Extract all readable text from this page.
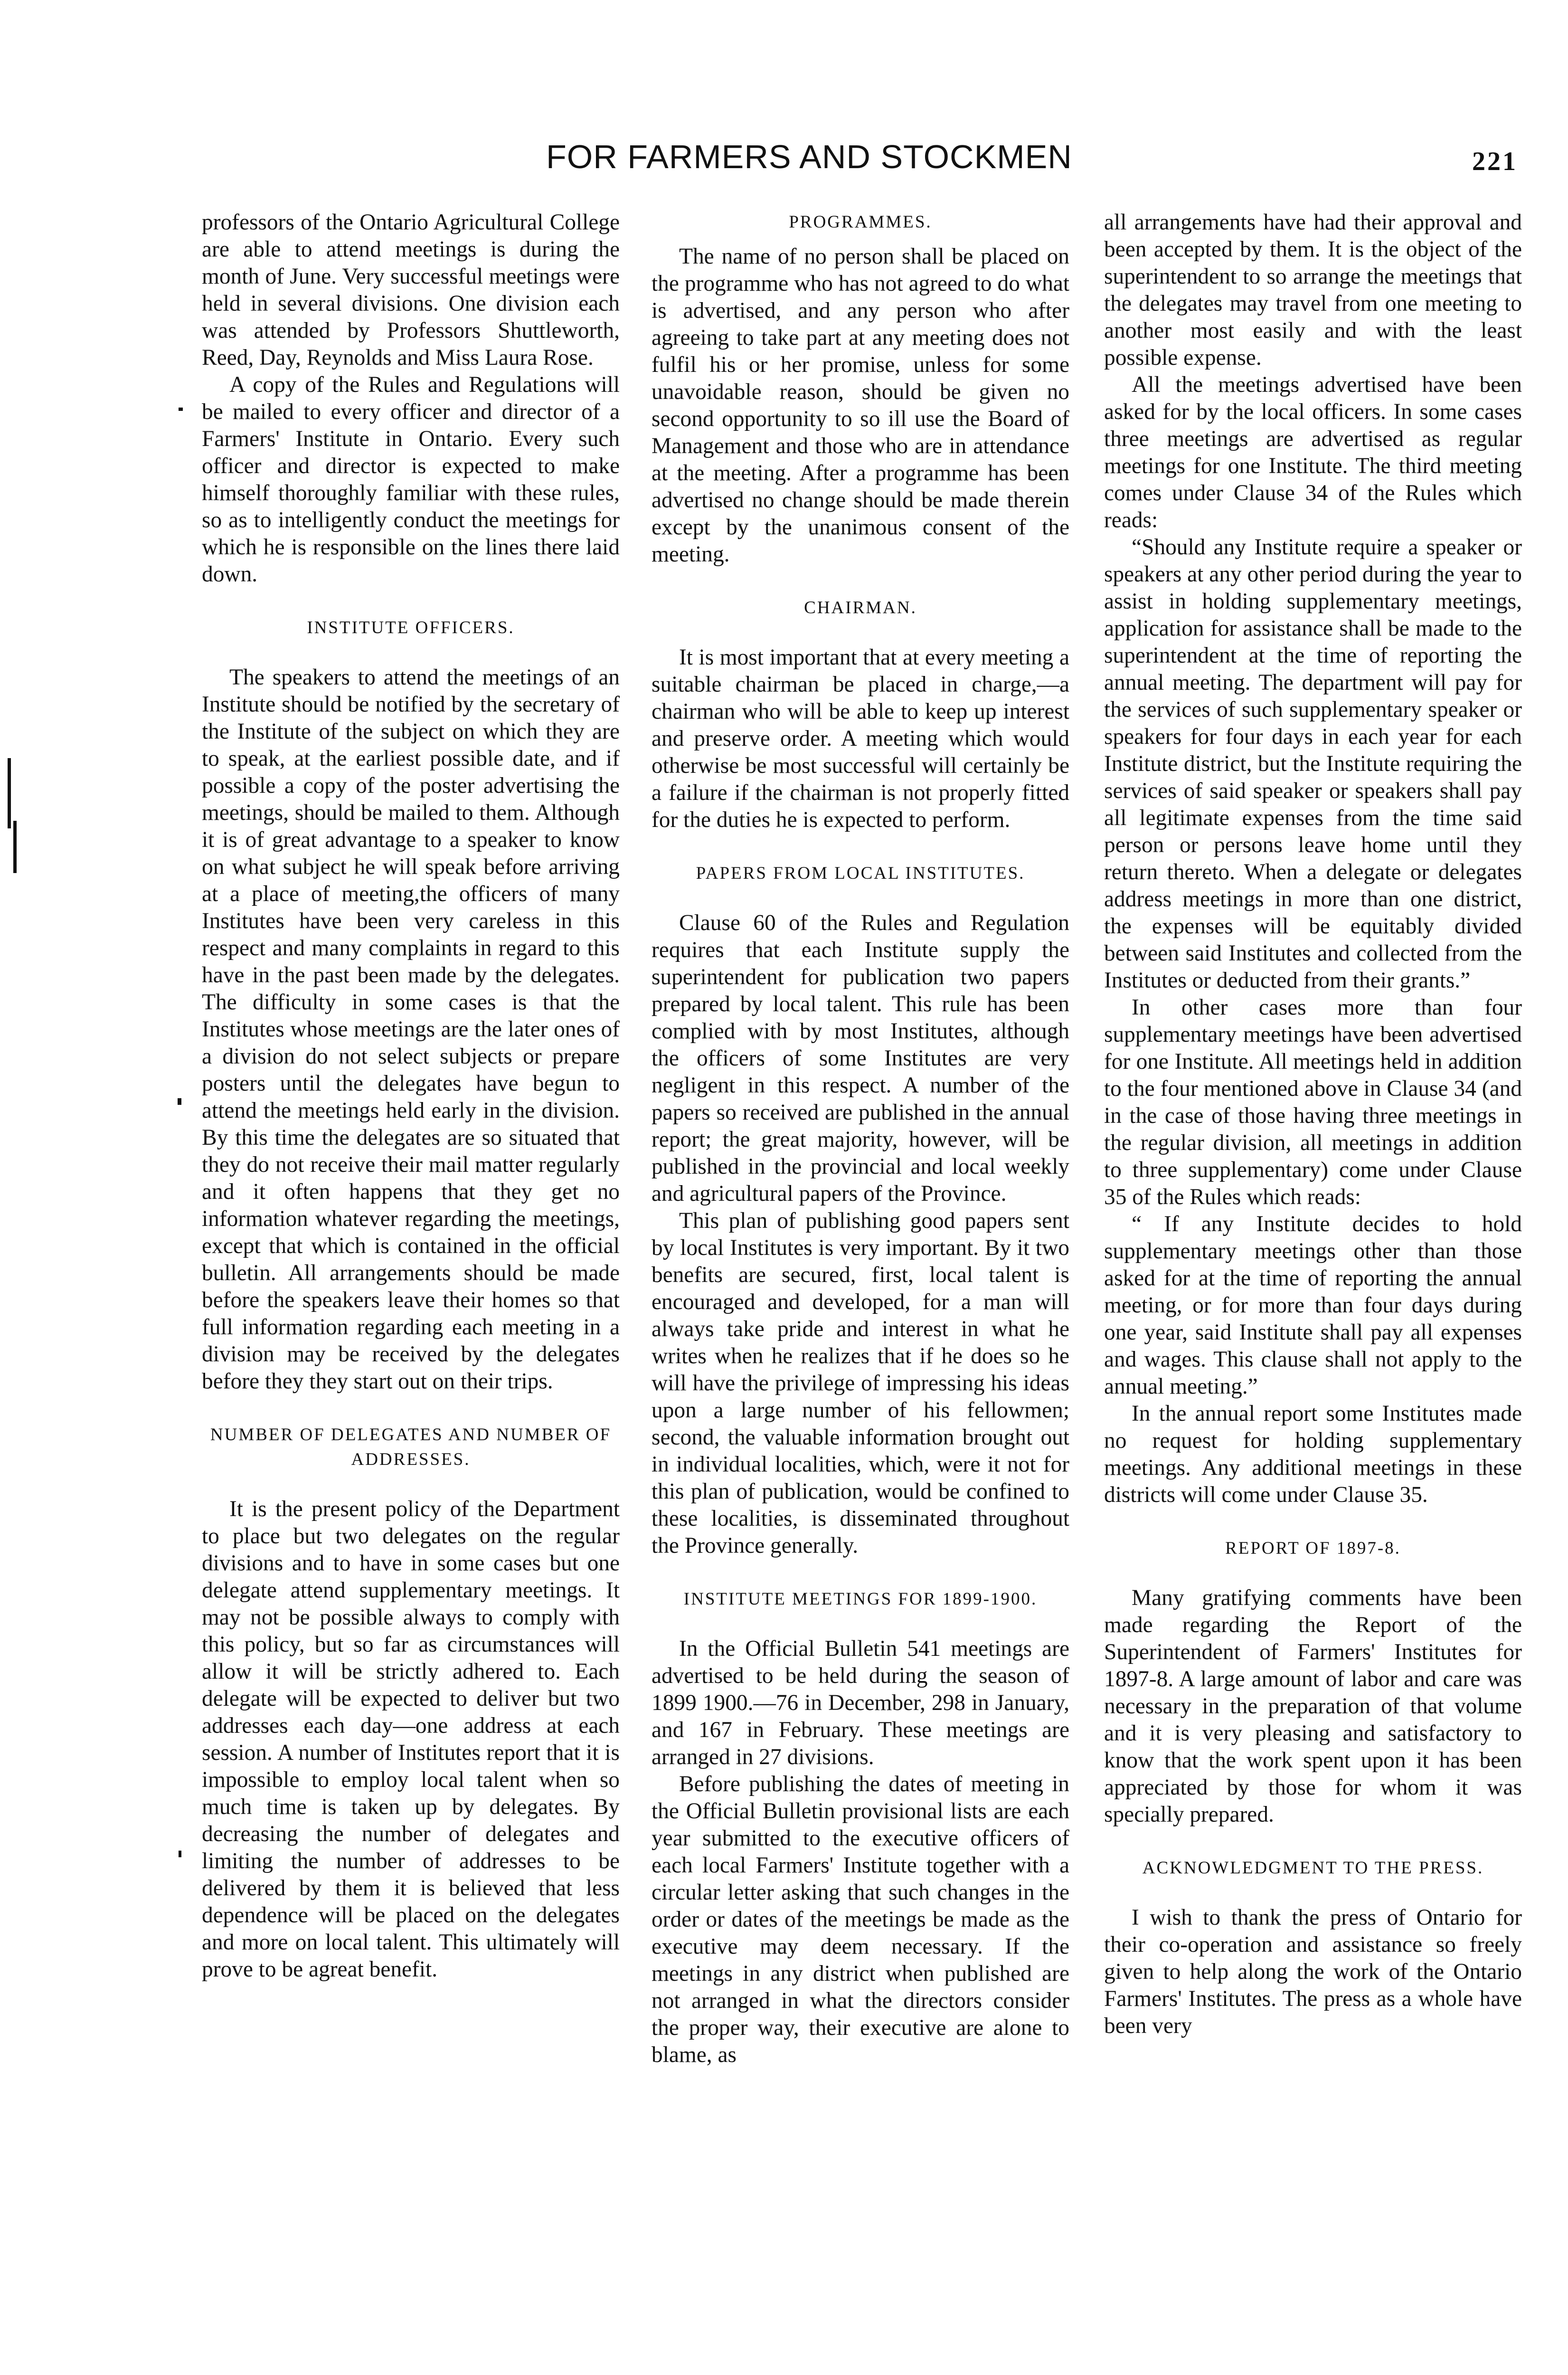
FOR FARMERS AND STOCKMEN	221

professors of the Ontario Agricultural College are able to attend meetings is during the month of June. Very successful meetings were held in several divisions. One division each was attended by Professors Shuttleworth, Reed, Day, Reynolds and Miss Laura Rose.

A copy of the Rules and Regulations will be mailed to every officer and director of a Farmers' Institute in Ontario. Every such officer and director is expected to make himself thoroughly familiar with these rules, so as to intelligently conduct the meetings for which he is responsible on the lines there laid down.

INSTITUTE OFFICERS.

The speakers to attend the meetings of an Institute should be notified by the secretary of the Institute of the subject on which they are to speak, at the earliest possible date, and if possible a copy of the poster advertising the meetings, should be mailed to them. Although it is of great advantage to a speaker to know on what subject he will speak before arriving at a place of meeting,the officers of many Institutes have been very careless in this respect and many complaints in regard to this have in the past been made by the delegates. The difficulty in some cases is that the Institutes whose meetings are the later ones of a division do not select subjects or prepare posters until the delegates have begun to attend the meetings held early in the division. By this time the delegates are so situated that they do not receive their mail matter regularly and it often happens that they get no information whatever regarding the meetings, except that which is contained in the official bulletin. All arrangements should be made before the speakers leave their homes so that full information regarding each meeting in a division may be received by the delegates before they they start out on their trips.

NUMBER OF DELEGATES AND NUMBER OF ADDRESSES.

It is the present policy of the Department to place but two delegates on the regular divisions and to have in some cases but one delegate attend supplementary meetings. It may not be possible always to comply with this policy, but so far as circumstances will allow it will be strictly adhered to. Each delegate will be expected to deliver but two addresses each day—one address at each session. A number of Institutes report that it is impossible to employ local talent when so much time is taken up by delegates. By decreasing the number of delegates and limiting the number of addresses to be delivered by them it is believed that less dependence will be placed on the delegates and more on local talent. This ultimately will prove to be agreat benefit.

PROGRAMMES.

The name of no person shall be placed on the programme who has not agreed to do what is advertised, and any person who after agreeing to take part at any meeting does not fulfil his or her promise, unless for some unavoidable reason, should be given no second opportunity to so ill use the Board of Management and those who are in attendance at the meeting. After a programme has been advertised no change should be made therein except by the unanimous consent of the meeting.

CHAIRMAN.

It is most important that at every meeting a suitable chairman be placed in charge,—a chairman who will be able to keep up interest and preserve order. A meeting which would otherwise be most successful will certainly be a failure if the chairman is not properly fitted for the duties he is expected to perform.

PAPERS FROM LOCAL INSTITUTES.

Clause 60 of the Rules and Regulation requires that each Institute supply the superintendent for publication two papers prepared by local talent. This rule has been complied with by most Institutes, although the officers of some Institutes are very negligent in this respect. A number of the papers so received are published in the annual report; the great majority, however, will be published in the provincial and local weekly and agricultural papers of the Province.

This plan of publishing good papers sent by local Institutes is very important. By it two benefits are secured, first, local talent is encouraged and developed, for a man will always take pride and interest in what he writes when he realizes that if he does so he will have the privilege of impressing his ideas upon a large number of his fellowmen; second, the valuable information brought out in individual localities, which, were it not for this plan of publication, would be confined to these localities, is disseminated throughout the Province generally.

INSTITUTE MEETINGS FOR 1899-1900.

In the Official Bulletin 541 meetings are advertised to be held during the season of 1899 1900.—76 in December, 298 in January, and 167 in February. These meetings are arranged in 27 divisions.

Before publishing the dates of meeting in the Official Bulletin provisional lists are each year submitted to the executive officers of each local Farmers' Institute together with a circular letter asking that such changes in the order or dates of the meetings be made as the executive may deem necessary. If the meetings in any district when published are not arranged in what the directors consider the proper way, their executive are alone to blame, as

all arrangements have had their approval and been accepted by them. It is the object of the superintendent to so arrange the meetings that the delegates may travel from one meeting to another most easily and with the least possible expense.

All the meetings advertised have been asked for by the local officers. In some cases three meetings are advertised as regular meetings for one Institute. The third meeting comes under Clause 34 of the Rules which reads:

“Should any Institute require a speaker or speakers at any other period during the year to assist in holding supplementary meetings, application for assistance shall be made to the superintendent at the time of reporting the annual meeting. The department will pay for the services of such supplementary speaker or speakers for four days in each year for each Institute district, but the Institute requiring the services of said speaker or speakers shall pay all legitimate expenses from the time said person or persons leave home until they return thereto. When a delegate or delegates address meetings in more than one district, the expenses will be equitably divided between said Institutes and collected from the Institutes or deducted from their grants.”

In other cases more than four supplementary meetings have been advertised for one Institute. All meetings held in addition to the four mentioned above in Clause 34 (and in the case of those having three meetings in the regular division, all meetings in addition to three supplementary) come under Clause 35 of the Rules which reads:

“ If any Institute decides to hold supplementary meetings other than those asked for at the time of reporting the annual meeting, or for more than four days during one year, said Institute shall pay all expenses and wages. This clause shall not apply to the annual meeting.”

In the annual report some Institutes made no request for holding supplementary meetings. Any additional meetings in these districts will come under Clause 35.

REPORT OF 1897-8.

Many gratifying comments have been made regarding the Report of the Superintendent of Farmers' Institutes for 1897-8. A large amount of labor and care was necessary in the preparation of that volume and it is very pleasing and satisfactory to know that the work spent upon it has been appreciated by those for whom it was specially prepared.

ACKNOWLEDGMENT TO THE PRESS.

I wish to thank the press of Ontario for their co-operation and assistance so freely given to help along the work of the Ontario Farmers' Institutes. The press as a whole have been very
